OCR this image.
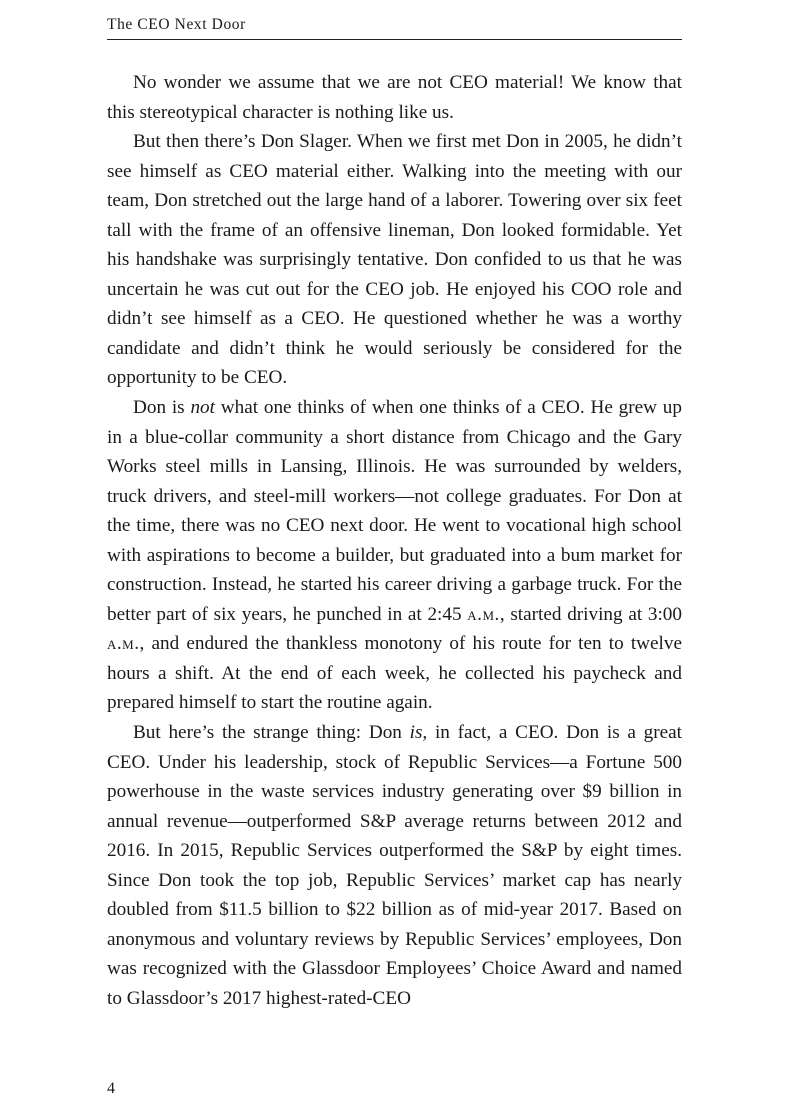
The CEO Next Door

No wonder we assume that we are not CEO material! We know that this stereotypical character is nothing like us.

But then there’s Don Slager. When we first met Don in 2005, he didn’t see himself as CEO material either. Walking into the meeting with our team, Don stretched out the large hand of a laborer. Towering over six feet tall with the frame of an offensive lineman, Don looked formidable. Yet his handshake was surprisingly tentative. Don confided to us that he was uncertain he was cut out for the CEO job. He enjoyed his COO role and didn’t see himself as a CEO. He questioned whether he was a worthy candidate and didn’t think he would seriously be considered for the opportunity to be CEO.

Don is not what one thinks of when one thinks of a CEO. He grew up in a blue-collar community a short distance from Chicago and the Gary Works steel mills in Lansing, Illinois. He was surrounded by welders, truck drivers, and steel-mill workers—not college graduates. For Don at the time, there was no CEO next door. He went to vocational high school with aspirations to become a builder, but graduated into a bum market for construction. Instead, he started his career driving a garbage truck. For the better part of six years, he punched in at 2:45 a.m., started driving at 3:00 a.m., and endured the thankless monotony of his route for ten to twelve hours a shift. At the end of each week, he collected his paycheck and prepared himself to start the routine again.

But here’s the strange thing: Don is, in fact, a CEO. Don is a great CEO. Under his leadership, stock of Republic Services—a Fortune 500 powerhouse in the waste services industry generating over $9 billion in annual revenue—outperformed S&P average returns between 2012 and 2016. In 2015, Republic Services outperformed the S&P by eight times. Since Don took the top job, Republic Services’ market cap has nearly doubled from $11.5 billion to $22 billion as of mid-year 2017. Based on anonymous and voluntary reviews by Republic Services’ employees, Don was recognized with the Glassdoor Employees’ Choice Award and named to Glassdoor’s 2017 highest-rated-CEO

4
